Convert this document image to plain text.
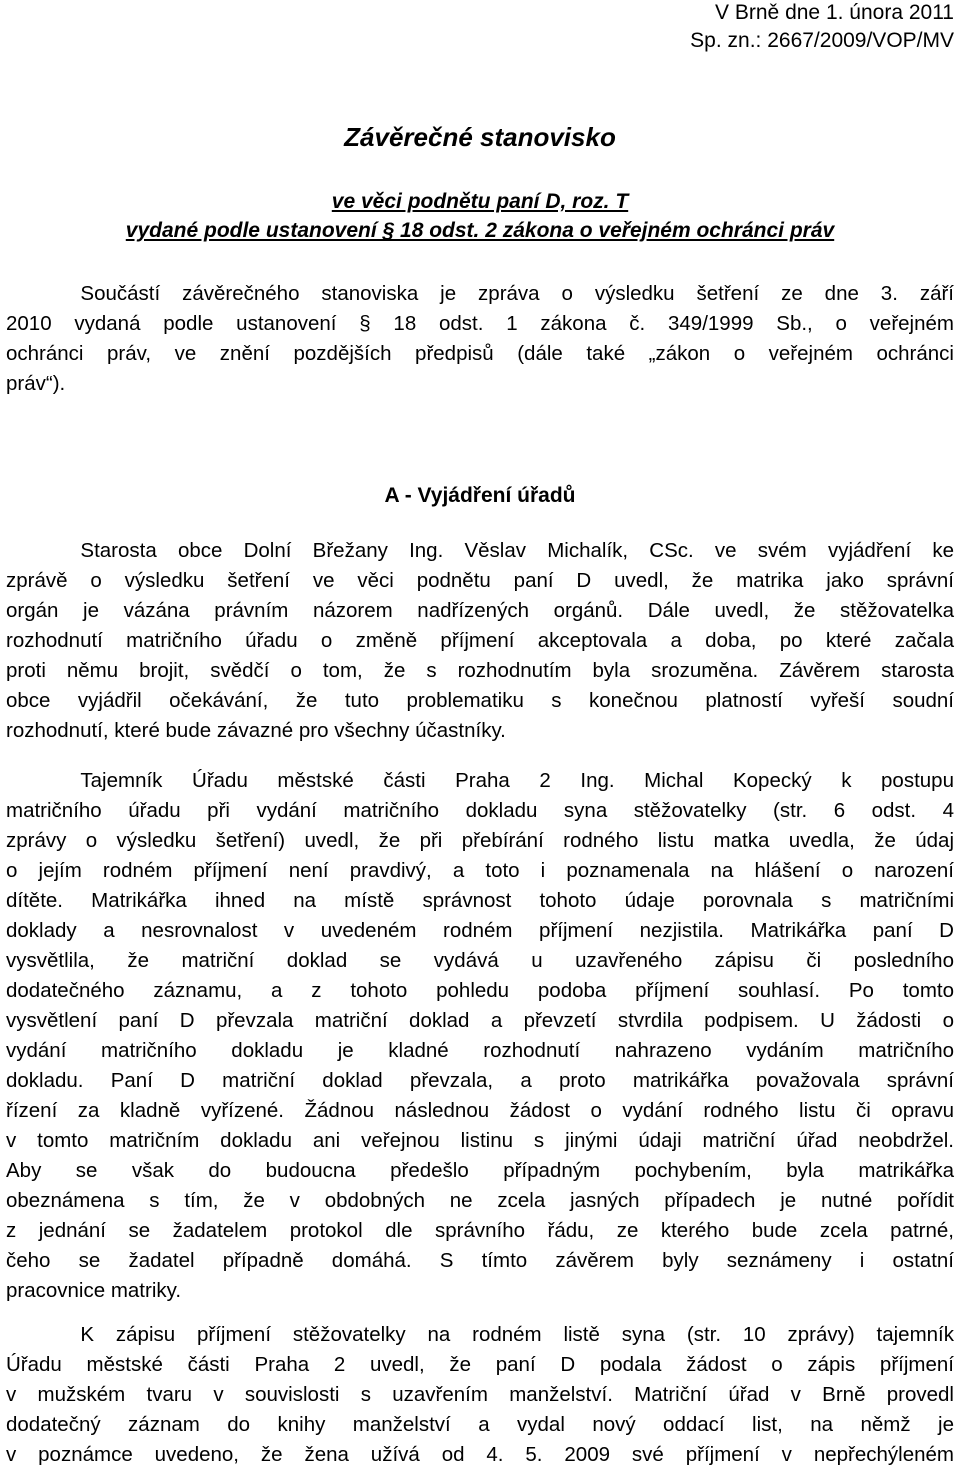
V Brně dne 1. února 2011
Sp. zn.: 2667/2009/VOP/MV
Závěrečné stanovisko
ve věci podnětu paní D, roz. T
vydané podle ustanovení § 18 odst. 2 zákona o veřejném ochránci práv
Součástí závěrečného stanoviska je zpráva o výsledku šetření ze dne 3. září
2010 vydaná podle ustanovení § 18 odst. 1 zákona č. 349/1999 Sb., o veřejném
ochránci práv, ve znění pozdějších předpisů (dále také „zákon o veřejném ochránci
práv“).
A - Vyjádření úřadů
Starosta obce Dolní Břežany Ing. Věslav Michalík, CSc. ve svém vyjádření ke
zprávě o výsledku šetření ve věci podnětu paní D uvedl, že matrika jako správní
orgán je vázána právním názorem nadřízených orgánů. Dále uvedl, že stěžovatelka
rozhodnutí matričního úřadu o změně příjmení akceptovala a doba, po které začala
proti němu brojit, svědčí o tom, že s rozhodnutím byla srozuměna. Závěrem starosta
obce vyjádřil očekávání, že tuto problematiku s konečnou platností vyřeší soudní
rozhodnutí, které bude závazné pro všechny účastníky.
Tajemník Úřadu městské části Praha 2 Ing. Michal Kopecký k postupu
matričního úřadu při vydání matričního dokladu syna stěžovatelky (str. 6 odst. 4
zprávy o výsledku šetření) uvedl, že při přebírání rodného listu matka uvedla, že údaj
o jejím rodném příjmení není pravdivý, a toto i poznamenala na hlášení o narození
dítěte. Matrikářka ihned na místě správnost tohoto údaje porovnala s matričními
doklady a nesrovnalost v uvedeném rodném příjmení nezjistila. Matrikářka paní D
vysvětlila, že matriční doklad se vydává u uzavřeného zápisu či posledního
dodatečného záznamu, a z tohoto pohledu podoba příjmení souhlasí. Po tomto
vysvětlení paní D převzala matriční doklad a převzetí stvrdila podpisem. U žádosti o
vydání matričního dokladu je kladné rozhodnutí nahrazeno vydáním matričního
dokladu. Paní D matriční doklad převzala, a proto matrikářka považovala správní
řízení za kladně vyřízené. Žádnou následnou žádost o vydání rodného listu či opravu
v tomto matričním dokladu ani veřejnou listinu s jinými údaji matriční úřad neobdržel.
Aby se však do budoucna předešlo případným pochybením, byla matrikářka
obeznámena s tím, že v obdobných ne zcela jasných případech je nutné pořídit
z jednání se žadatelem protokol dle správního řádu, ze kterého bude zcela patrné,
čeho se žadatel případně domáhá. S tímto závěrem byly seznámeny i ostatní
pracovnice matriky.
K zápisu příjmení stěžovatelky na rodném listě syna (str. 10 zprávy) tajemník
Úřadu městské části Praha 2 uvedl, že paní D podala žádost o zápis příjmení
v mužském tvaru v souvislosti s uzavřením manželství. Matriční úřad v Brně provedl
dodatečný záznam do knihy manželství a vydal nový oddací list, na němž je
v poznámce uvedeno, že žena užívá od 4. 5. 2009 své příjmení v nepřechýleném
